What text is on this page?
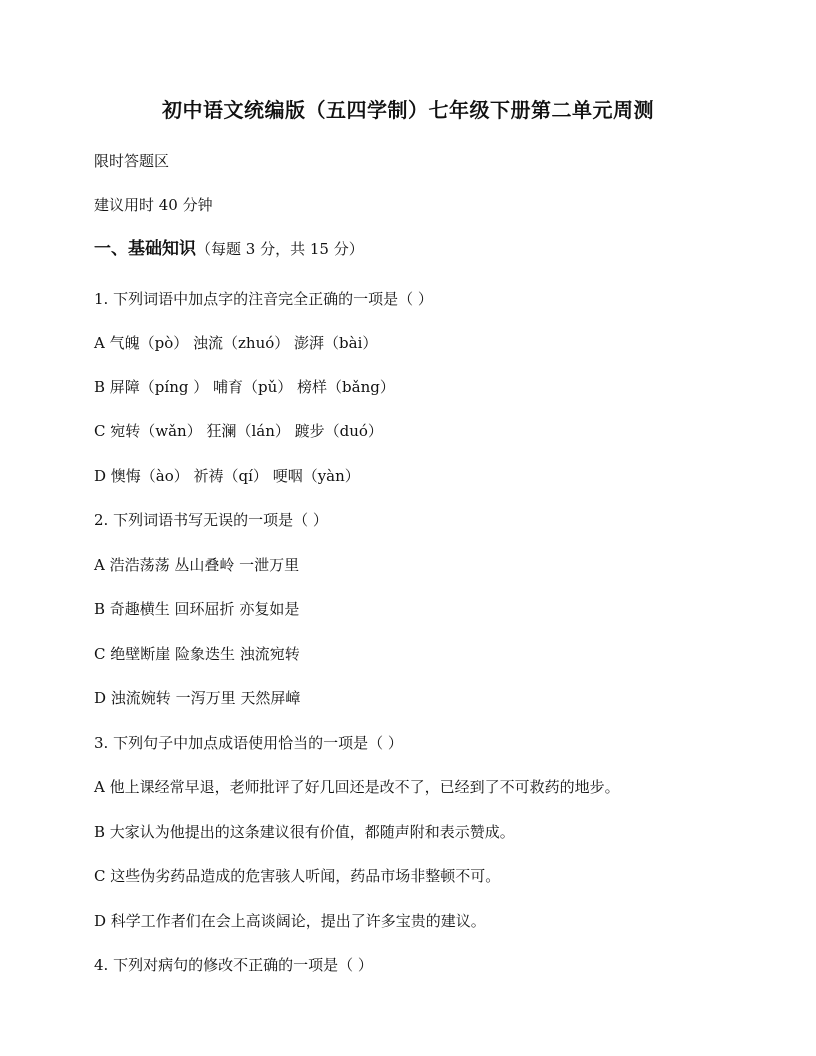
初中语文统编版（五四学制）七年级下册第二单元周测
限时答题区
建议用时 40 分钟
一、基础知识（每题 3 分，共 15 分）
1. 下列词语中加点字的注音完全正确的一项是（ ）
A 气魄（pò） 浊流（zhuó） 澎湃（bài）
B 屏障（píng ） 哺育（pǔ） 榜样（bǎng）
C 宛转（wǎn） 狂澜（lán） 踱步（duó）
D 懊悔（ào） 祈祷（qí） 哽咽（yàn）
2. 下列词语书写无误的一项是（ ）
A 浩浩荡荡 丛山叠岭 一泄万里
B 奇趣横生 回环屈折 亦复如是
C 绝壁断崖 险象迭生 浊流宛转
D 浊流婉转 一泻万里 天然屏嶂
3. 下列句子中加点成语使用恰当的一项是（ ）
A 他上课经常早退，老师批评了好几回还是改不了，已经到了不可救药的地步。
B 大家认为他提出的这条建议很有价值，都随声附和表示赞成。
C 这些伪劣药品造成的危害骇人听闻，药品市场非整顿不可。
D 科学工作者们在会上高谈阔论，提出了许多宝贵的建议。
4. 下列对病句的修改不正确的一项是（ ）
